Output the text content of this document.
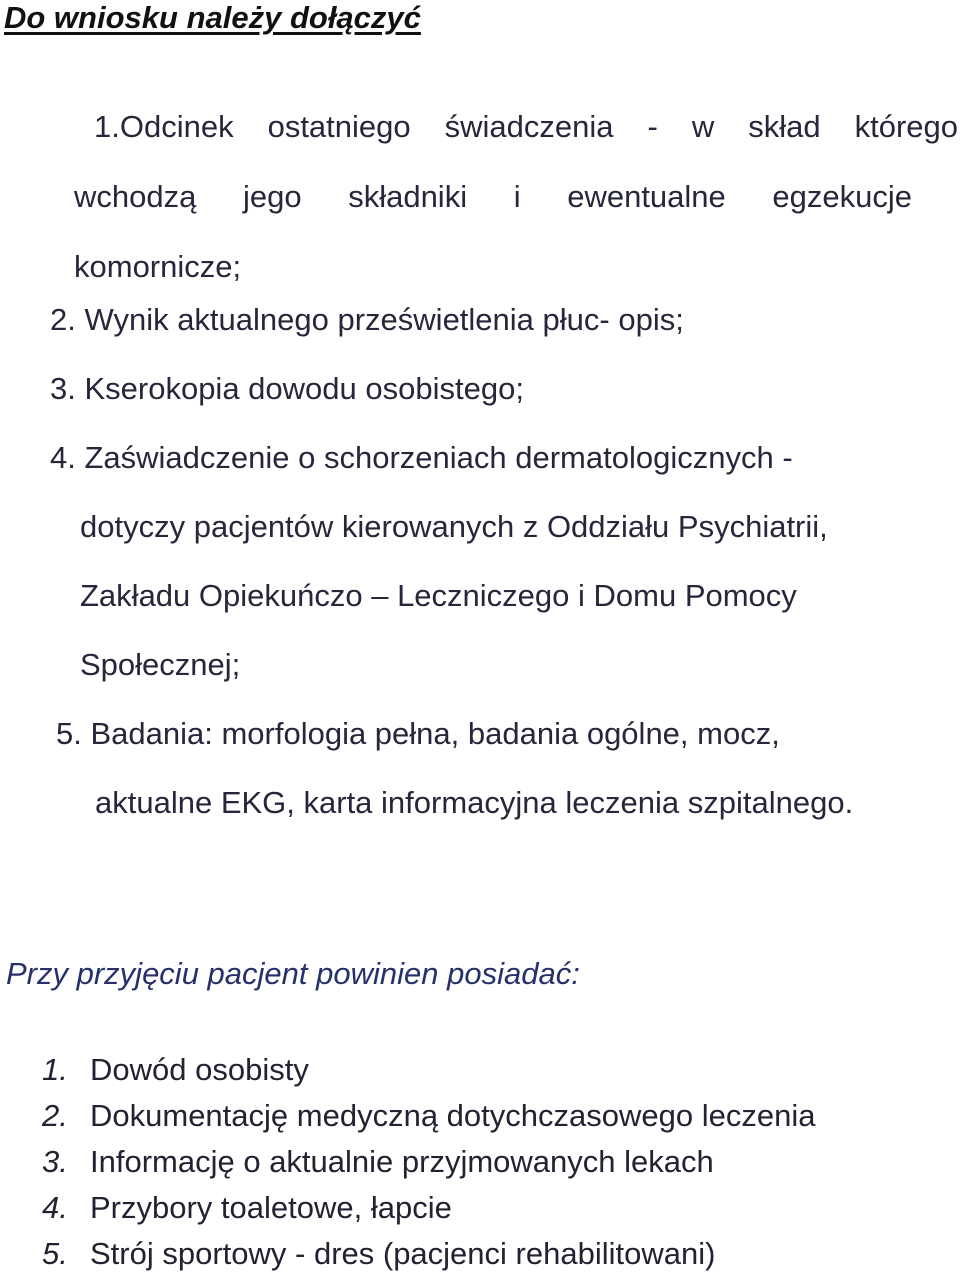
Do wniosku należy dołączyć
1.Odcinek ostatniego świadczenia - w skład którego
wchodzą jego składniki i ewentualne egzekucje
komornicze;
2. Wynik aktualnego prześwietlenia płuc- opis;
3. Kserokopia dowodu osobistego;
4. Zaświadczenie o schorzeniach dermatologicznych -
dotyczy pacjentów kierowanych z Oddziału Psychiatrii,
Zakładu Opiekuńczo – Leczniczego i Domu Pomocy
Społecznej;
5. Badania: morfologia pełna, badania ogólne, mocz,
aktualne EKG, karta informacyjna leczenia szpitalnego.
Przy przyjęciu pacjent powinien posiadać:
1. Dowód osobisty
2. Dokumentację medyczną dotychczasowego leczenia
3. Informację o aktualnie przyjmowanych lekach
4. Przybory toaletowe, łapcie
5. Strój sportowy - dres (pacjenci rehabilitowani)
